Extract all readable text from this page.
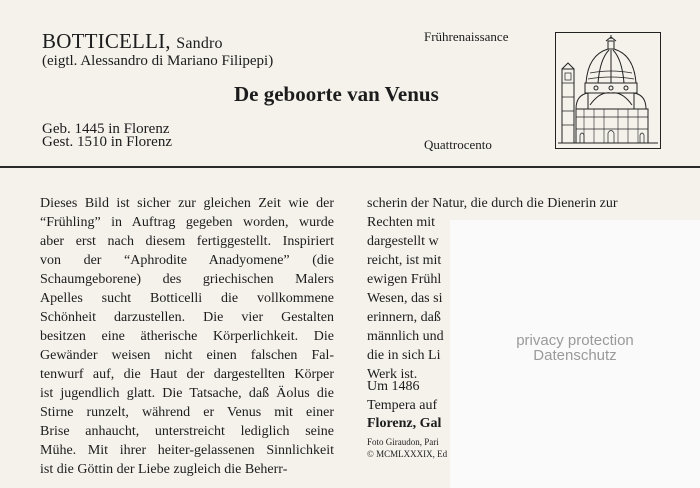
BOTTICELLI, Sandro
(eigtl. Alessandro di Mariano Filipepi)
De geboorte van Venus
Frührenaissance
Quattrocento
Geb. 1445 in Florenz
Gest. 1510 in Florenz
Dieses Bild ist sicher zur gleichen Zeit wie der
“Frühling” in Auftrag gegeben worden, wurde
aber erst nach diesem fertiggestellt. Inspiriert
von der “Aphrodite Anadyomene” (die
Schaumgeborene) des griechischen Malers
Apelles sucht Botticelli die vollkommene
Schönheit darzustellen. Die vier Gestalten
besitzen eine ätherische Körperlichkeit. Die
Gewänder weisen nicht einen falschen Fal-
tenwurf auf, die Haut der dargestellten Körper
ist jugendlich glatt. Die Tatsache, daß Äolus die
Stirne runzelt, während er Venus mit einer
Brise anhaucht, unterstreicht lediglich seine
Mühe. Mit ihrer heiter-gelassenen Sinnlichkeit
ist die Göttin der Liebe zugleich die Beherr-
scherin der Natur, die durch die Dienerin zur
Rechten mit
dargestellt w
reicht, ist mit
ewigen Frühl
Wesen, das si
erinnern, daß
männlich und
die in sich Li
Werk ist.
Um 1486
Tempera auf
Florenz, Gal
Foto Giraudon, Pari
© MCMLXXXIX, Ed
privacy protection
Datenschutz
